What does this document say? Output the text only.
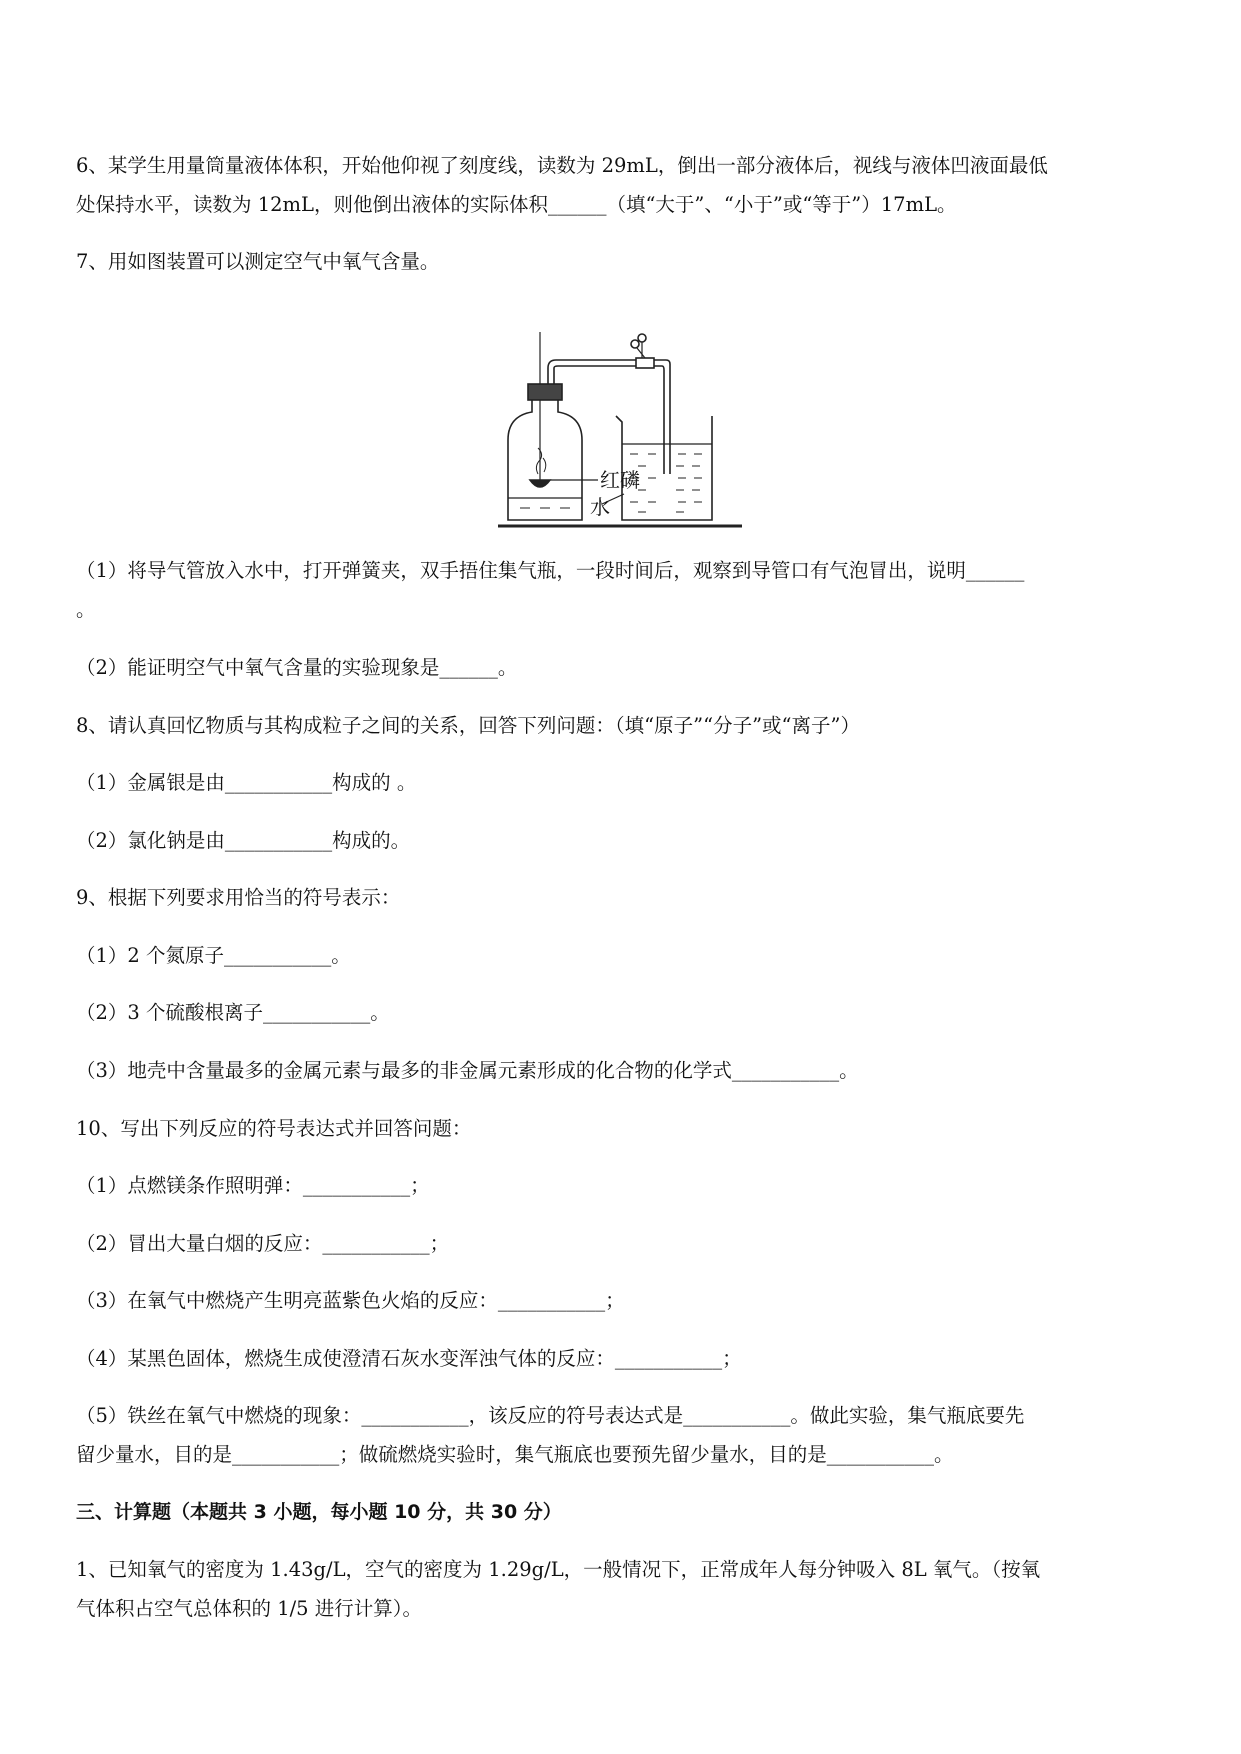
6、某学生用量筒量液体体积，开始他仰视了刻度线，读数为 29mL，倒出一部分液体后，视线与液体凹液面最低
处保持水平，读数为 12mL，则他倒出液体的实际体积______（填“大于”、“小于”或“等于”）17mL。
7、用如图装置可以测定空气中氧气含量。
红磷
水
（1）将导气管放入水中，打开弹簧夹，双手捂住集气瓶，一段时间后，观察到导管口有气泡冒出，说明______
。
（2）能证明空气中氧气含量的实验现象是______。
8、请认真回忆物质与其构成粒子之间的关系，回答下列问题：（填“原子”“分子”或“离子”）
（1）金属银是由___________构成的 。
（2）氯化钠是由___________构成的。
9、根据下列要求用恰当的符号表示：
（1）2 个氮原子___________。
（2）3 个硫酸根离子___________。
（3）地壳中含量最多的金属元素与最多的非金属元素形成的化合物的化学式___________。
10、写出下列反应的符号表达式并回答问题：
（1）点燃镁条作照明弹：___________；
（2）冒出大量白烟的反应：___________；
（3）在氧气中燃烧产生明亮蓝紫色火焰的反应：___________；
（4）某黑色固体，燃烧生成使澄清石灰水变浑浊气体的反应：___________；
（5）铁丝在氧气中燃烧的现象：___________，该反应的符号表达式是___________。做此实验，集气瓶底要先
留少量水，目的是___________；做硫燃烧实验时，集气瓶底也要预先留少量水，目的是___________。
三、计算题（本题共 3 小题，每小题 10 分，共 30 分）
1、已知氧气的密度为 1.43g/L，空气的密度为 1.29g/L，一般情况下，正常成年人每分钟吸入 8L 氧气。（按氧
气体积占空气总体积的 1/5 进行计算）。
